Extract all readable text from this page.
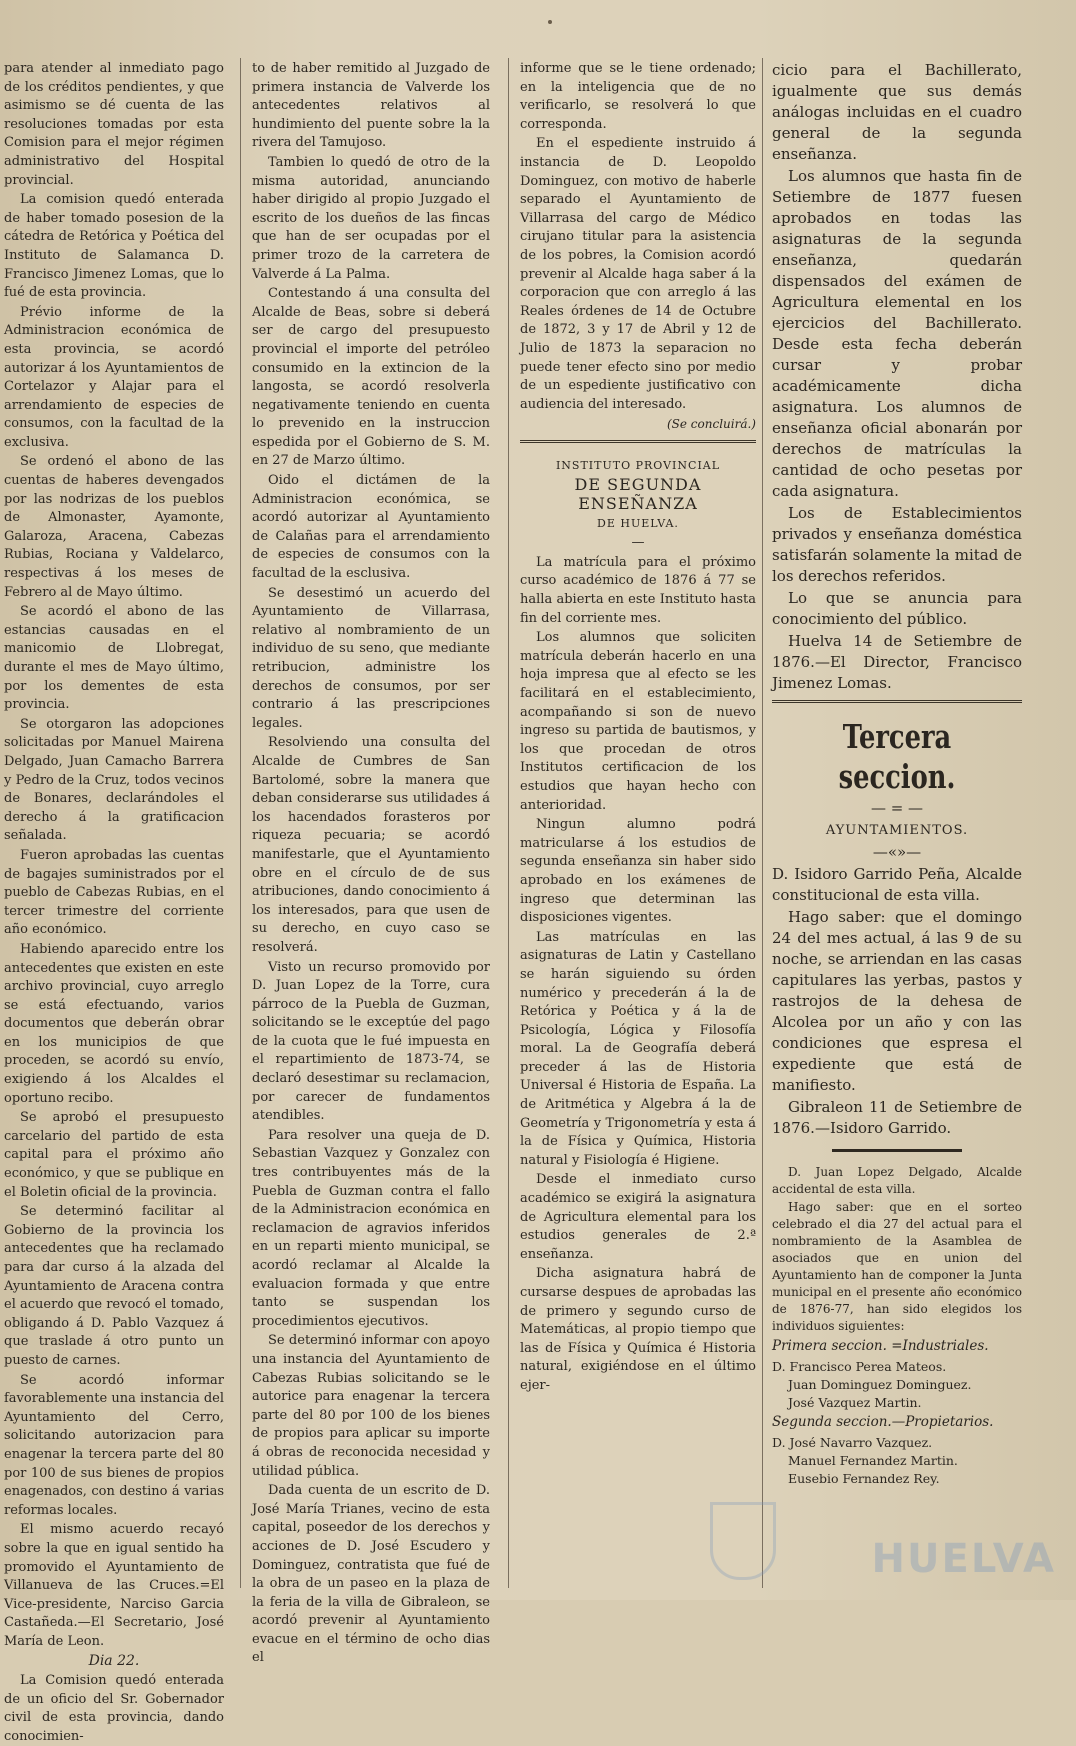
para atender al inmediato pago de los créditos pendientes, y que asimismo se dé cuenta de las resoluciones tomadas por esta Comision para el mejor régimen administrativo del Hospital provincial.

La comision quedó enterada de haber tomado posesion de la cátedra de Retórica y Poética del Instituto de Salamanca D. Francisco Jimenez Lomas, que lo fué de esta provincia.

Prévio informe de la Administracion económica de esta provincia, se acordó autorizar á los Ayuntamientos de Cortelazor y Alajar para el arrendamiento de especies de consumos, con la facultad de la exclusiva.

Se ordenó el abono de las cuentas de haberes devengados por las nodrizas de los pueblos de Almonaster, Ayamonte, Galaroza, Aracena, Cabezas Rubias, Rociana y Valdelarco, respectivas á los meses de Febrero al de Mayo último.

Se acordó el abono de las estancias causadas en el manicomio de Llobregat, durante el mes de Mayo último, por los dementes de esta provincia.

Se otorgaron las adopciones solicitadas por Manuel Mairena Delgado, Juan Camacho Barrera y Pedro de la Cruz, todos vecinos de Bonares, declarándoles el derecho á la gratificacion señalada.

Fueron aprobadas las cuentas de bagajes suministrados por el pueblo de Cabezas Rubias, en el tercer trimestre del corriente año económico.

Habiendo aparecido entre los antecedentes que existen en este archivo provincial, cuyo arreglo se está efectuando, varios documentos que deberán obrar en los municipios de que proceden, se acordó su envío, exigiendo á los Alcaldes el oportuno recibo.

Se aprobó el presupuesto carcelario del partido de esta capital para el próximo año económico, y que se publique en el Boletin oficial de la provincia.

Se determinó facilitar al Gobierno de la provincia los antecedentes que ha reclamado para dar curso á la alzada del Ayuntamiento de Aracena contra el acuerdo que revocó el tomado, obligando á D. Pablo Vazquez á que traslade á otro punto un puesto de carnes.

Se acordó informar favorablemente una instancia del Ayuntamiento del Cerro, solicitando autorizacion para enagenar la tercera parte del 80 por 100 de sus bienes de propios enagenados, con destino á varias reformas locales.

El mismo acuerdo recayó sobre la que en igual sentido ha promovido el Ayuntamiento de Villanueva de las Cruces.=El Vice-presidente, Narciso Garcia Castañeda.—El Secretario, José María de Leon.

Dia 22.

La Comision quedó enterada de un oficio del Sr. Gobernador civil de esta provincia, dando conocimien-

to de haber remitido al Juzgado de primera instancia de Valverde los antecedentes relativos al hundimiento del puente sobre la la rivera del Tamujoso.

Tambien lo quedó de otro de la misma autoridad, anunciando haber dirigido al propio Juzgado el escrito de los dueños de las fincas que han de ser ocupadas por el primer trozo de la carretera de Valverde á La Palma.

Contestando á una consulta del Alcalde de Beas, sobre si deberá ser de cargo del presupuesto provincial el importe del petróleo consumido en la extincion de la langosta, se acordó resolverla negativamente teniendo en cuenta lo prevenido en la instruccion espedida por el Gobierno de S. M. en 27 de Marzo último.

Oido el dictámen de la Administracion económica, se acordó autorizar al Ayuntamiento de Calañas para el arrendamiento de especies de consumos con la facultad de la esclusiva.

Se desestimó un acuerdo del Ayuntamiento de Villarrasa, relativo al nombramiento de un individuo de su seno, que mediante retribucion, administre los derechos de consumos, por ser contrario á las prescripciones legales.

Resolviendo una consulta del Alcalde de Cumbres de San Bartolomé, sobre la manera que deban considerarse sus utilidades á los hacendados forasteros por riqueza pecuaria; se acordó manifestarle, que el Ayuntamiento obre en el círculo de de sus atribuciones, dando conocimiento á los interesados, para que usen de su derecho, en cuyo caso se resolverá.

Visto un recurso promovido por D. Juan Lopez de la Torre, cura párroco de la Puebla de Guzman, solicitando se le exceptúe del pago de la cuota que le fué impuesta en el repartimiento de 1873-74, se declaró desestimar su reclamacion, por carecer de fundamentos atendibles.

Para resolver una queja de D. Sebastian Vazquez y Gonzalez con tres contribuyentes más de la Puebla de Guzman contra el fallo de la Administracion económica en reclamacion de agravios inferidos en un reparti miento municipal, se acordó reclamar al Alcalde la evaluacion formada y que entre tanto se suspendan los procedimientos ejecutivos.

Se determinó informar con apoyo una instancia del Ayuntamiento de Cabezas Rubias solicitando se le autorice para enagenar la tercera parte del 80 por 100 de los bienes de propios para aplicar su importe á obras de reconocida necesidad y utilidad pública.

Dada cuenta de un escrito de D. José María Trianes, vecino de esta capital, poseedor de los derechos y acciones de D. José Escudero y Dominguez, contratista que fué de la obra de un paseo en la plaza de la feria de la villa de Gibraleon, se acordó prevenir al Ayuntamiento evacue en el término de ocho dias el

informe que se le tiene ordenado; en la inteligencia que de no verificarlo, se resolverá lo que corresponda.

En el espediente instruido á instancia de D. Leopoldo Dominguez, con motivo de haberle separado el Ayuntamiento de Villarrasa del cargo de Médico cirujano titular para la asistencia de los pobres, la Comision acordó prevenir al Alcalde haga saber á la corporacion que con arreglo á las Reales órdenes de 14 de Octubre de 1872, 3 y 17 de Abril y 12 de Julio de 1873 la separacion no puede tener efecto sino por medio de un espediente justificativo con audiencia del interesado.

(Se concluirá.)

INSTITUTO PROVINCIAL

DE SEGUNDA ENSEÑANZA

DE HUELVA.

—

La matrícula para el próximo curso académico de 1876 á 77 se halla abierta en este Instituto hasta fin del corriente mes.

Los alumnos que soliciten matrícula deberán hacerlo en una hoja impresa que al efecto se les facilitará en el establecimiento, acompañando si son de nuevo ingreso su partida de bautismos, y los que procedan de otros Institutos certificacion de los estudios que hayan hecho con anterioridad.

Ningun alumno podrá matricularse á los estudios de segunda enseñanza sin haber sido aprobado en los exámenes de ingreso que determinan las disposiciones vigentes.

Las matrículas en las asignaturas de Latin y Castellano se harán siguiendo su órden numérico y precederán á la de Retórica y Poética y á la de Psicología, Lógica y Filosofía moral. La de Geografía deberá preceder á las de Historia Universal é Historia de España. La de Aritmética y Algebra á la de Geometría y Trigonometría y esta á la de Física y Química, Historia natural y Fisiología é Higiene.

Desde el inmediato curso académico se exigirá la asignatura de Agricultura elemental para los estudios generales de 2.ª enseñanza.

Dicha asignatura habrá de cursarse despues de aprobadas las de primero y segundo curso de Matemáticas, al propio tiempo que las de Física y Química é Historia natural, exigiéndose en el último ejer-

cicio para el Bachillerato, igualmente que sus demás análogas incluidas en el cuadro general de la segunda enseñanza.

Los alumnos que hasta fin de Setiembre de 1877 fuesen aprobados en todas las asignaturas de la segunda enseñanza, quedarán dispensados del exámen de Agricultura elemental en los ejercicios del Bachillerato. Desde esta fecha deberán cursar y probar académicamente dicha asignatura. Los alumnos de enseñanza oficial abonarán por derechos de matrículas la cantidad de ocho pesetas por cada asignatura.

Los de Establecimientos privados y enseñanza doméstica satisfarán solamente la mitad de los derechos referidos.

Lo que se anuncia para conocimiento del público.

Huelva 14 de Setiembre de 1876.—El Director, Francisco Jimenez Lomas.

Tercera seccion.

— = —

AYUNTAMIENTOS.

—«»—

D. Isidoro Garrido Peña, Alcalde constitucional de esta villa.

Hago saber: que el domingo 24 del mes actual, á las 9 de su noche, se arriendan en las casas capitulares las yerbas, pastos y rastrojos de la dehesa de Alcolea por un año y con las condiciones que espresa el expediente que está de manifiesto.

Gibraleon 11 de Setiembre de 1876.—Isidoro Garrido.

D. Juan Lopez Delgado, Alcalde accidental de esta villa.

Hago saber: que en el sorteo celebrado el dia 27 del actual para el nombramiento de la Asamblea de asociados que en union del Ayuntamiento han de componer la Junta municipal en el presente año económico de 1876-77, han sido elegidos los individuos siguientes:

Primera seccion. =Industriales.

D. Francisco Perea Mateos.

Juan Dominguez Dominguez.

José Vazquez Martin.

Segunda seccion.—Propietarios.

D. José Navarro Vazquez.

Manuel Fernandez Martin.

Eusebio Fernandez Rey.

HUELVA
